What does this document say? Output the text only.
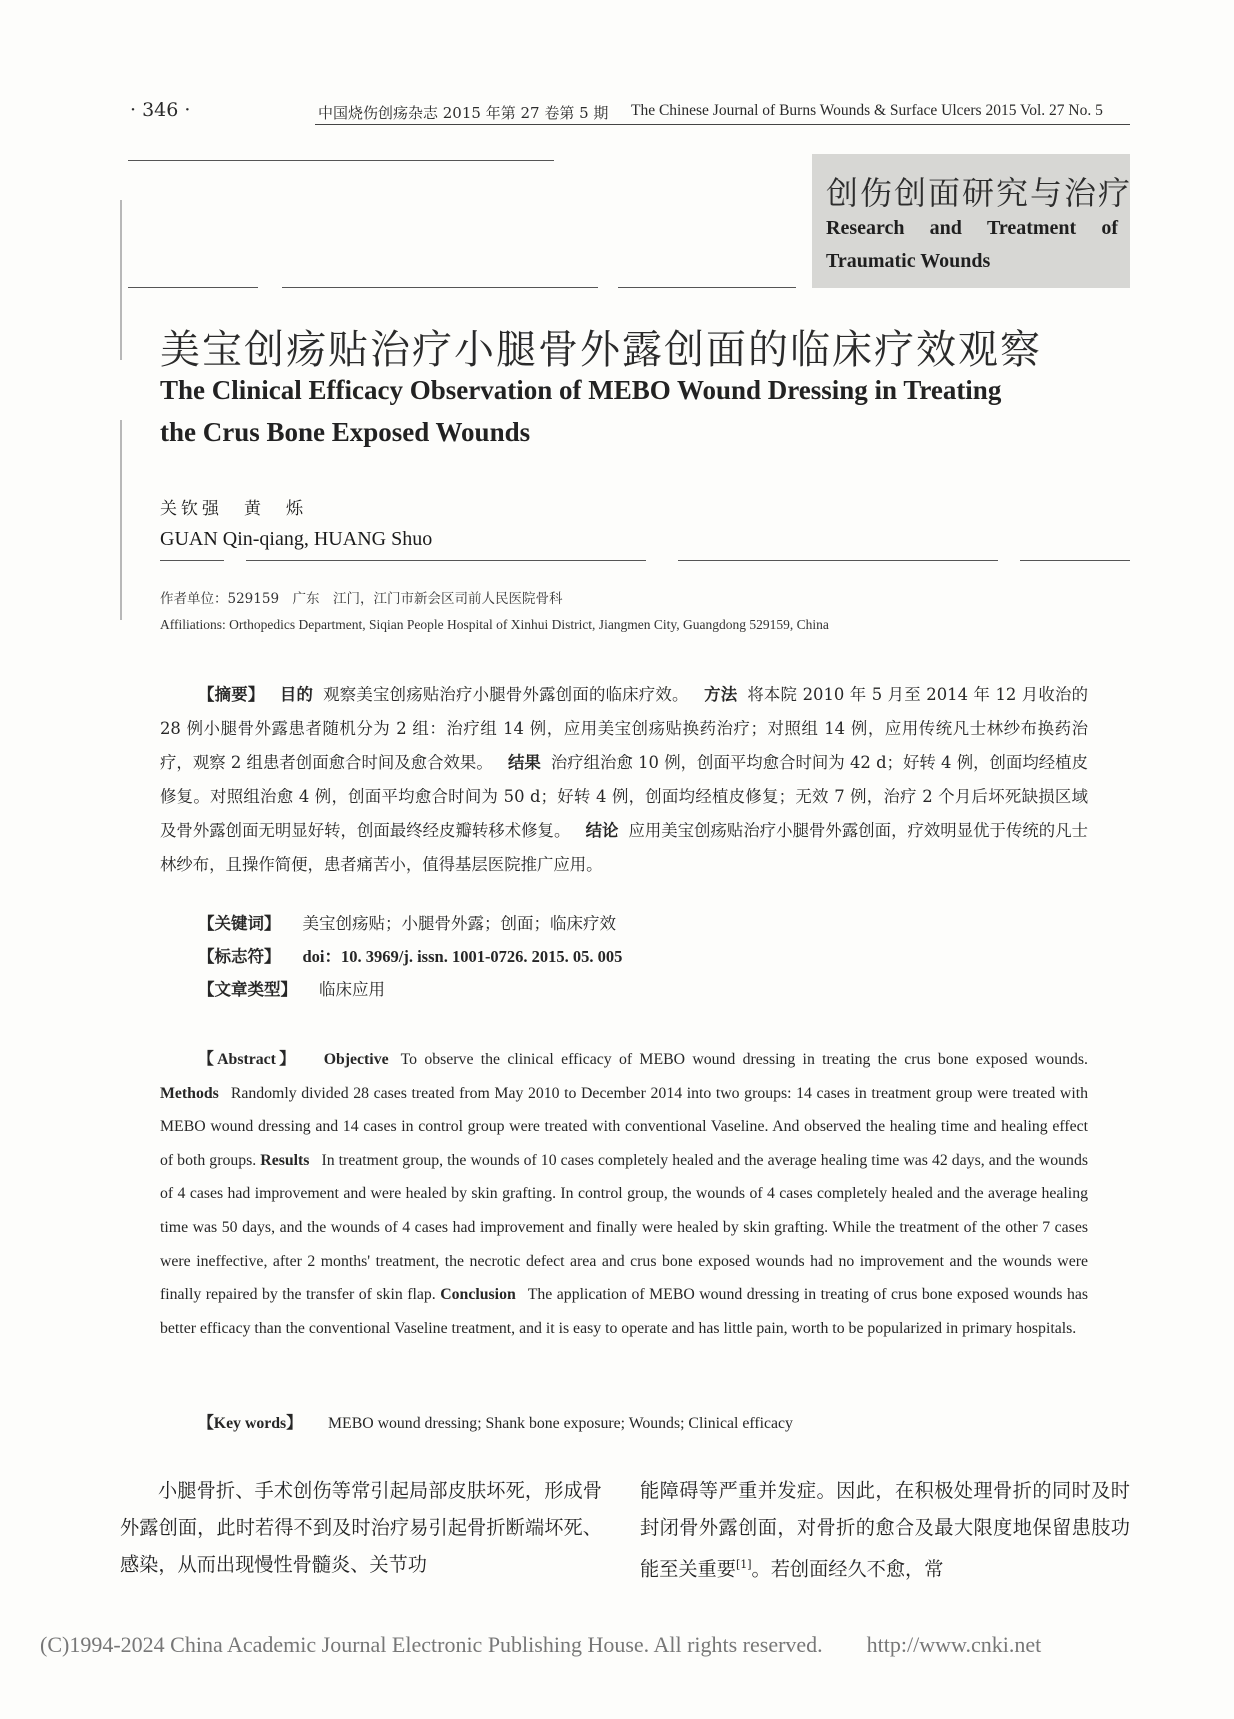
· 346 ·	中国烧伤创疡杂志 2015 年第 27 卷第 5 期 The Chinese Journal of Burns Wounds & Surface Ulcers 2015 Vol. 27 No. 5
创伤创面研究与治疗
Research and Treatment of
Traumatic Wounds
美宝创疡贴治疗小腿骨外露创面的临床疗效观察
The Clinical Efficacy Observation of MEBO Wound Dressing in Treating
the Crus Bone Exposed Wounds
关钦强　黄　烁
GUAN Qin-qiang, HUANG Shuo
作者单位：529159　广东　江门，江门市新会区司前人民医院骨科
Affiliations: Orthopedics Department, Siqian People Hospital of Xinhui District, Jiangmen City, Guangdong 529159, China
【摘要】 目的 观察美宝创疡贴治疗小腿骨外露创面的临床疗效。 方法 将本院 2010 年 5 月至 2014 年 12 月收治的 28 例小腿骨外露患者随机分为 2 组：治疗组 14 例，应用美宝创疡贴换药治疗；对照组 14 例，应用传统凡士林纱布换药治疗，观察 2 组患者创面愈合时间及愈合效果。 结果 治疗组治愈 10 例，创面平均愈合时间为 42 d；好转 4 例，创面均经植皮修复。对照组治愈 4 例，创面平均愈合时间为 50 d；好转 4 例，创面均经植皮修复；无效 7 例，治疗 2 个月后坏死缺损区域及骨外露创面无明显好转，创面最终经皮瓣转移术修复。 结论 应用美宝创疡贴治疗小腿骨外露创面，疗效明显优于传统的凡士林纱布，且操作简便，患者痛苦小，值得基层医院推广应用。
【关键词】 美宝创疡贴；小腿骨外露；创面；临床疗效
【标志符】 doi：10. 3969/j. issn. 1001-0726. 2015. 05. 005
【文章类型】 临床应用
【Abstract】 Objective To observe the clinical efficacy of MEBO wound dressing in treating the crus bone exposed wounds. Methods Randomly divided 28 cases treated from May 2010 to December 2014 into two groups: 14 cases in treatment group were treated with MEBO wound dressing and 14 cases in control group were treated with conventional Vaseline. And observed the healing time and healing effect of both groups. Results In treatment group, the wounds of 10 cases completely healed and the average healing time was 42 days, and the wounds of 4 cases had improvement and were healed by skin grafting. In control group, the wounds of 4 cases completely healed and the average healing time was 50 days, and the wounds of 4 cases had improvement and finally were healed by skin grafting. While the treatment of the other 7 cases were ineffective, after 2 months' treatment, the necrotic defect area and crus bone exposed wounds had no improvement and the wounds were finally repaired by the transfer of skin flap. Conclusion The application of MEBO wound dressing in treating of crus bone exposed wounds has better efficacy than the conventional Vaseline treatment, and it is easy to operate and has little pain, worth to be popularized in primary hospitals.
【Key words】 MEBO wound dressing; Shank bone exposure; Wounds; Clinical efficacy
小腿骨折、手术创伤等常引起局部皮肤坏死，形成骨外露创面，此时若得不到及时治疗易引起骨折断端坏死、感染，从而出现慢性骨髓炎、关节功
能障碍等严重并发症。因此，在积极处理骨折的同时及时封闭骨外露创面，对骨折的愈合及最大限度地保留患肢功能至关重要[1]。若创面经久不愈，常
(C)1994-2024 China Academic Journal Electronic Publishing House. All rights reserved.　　http://www.cnki.net
